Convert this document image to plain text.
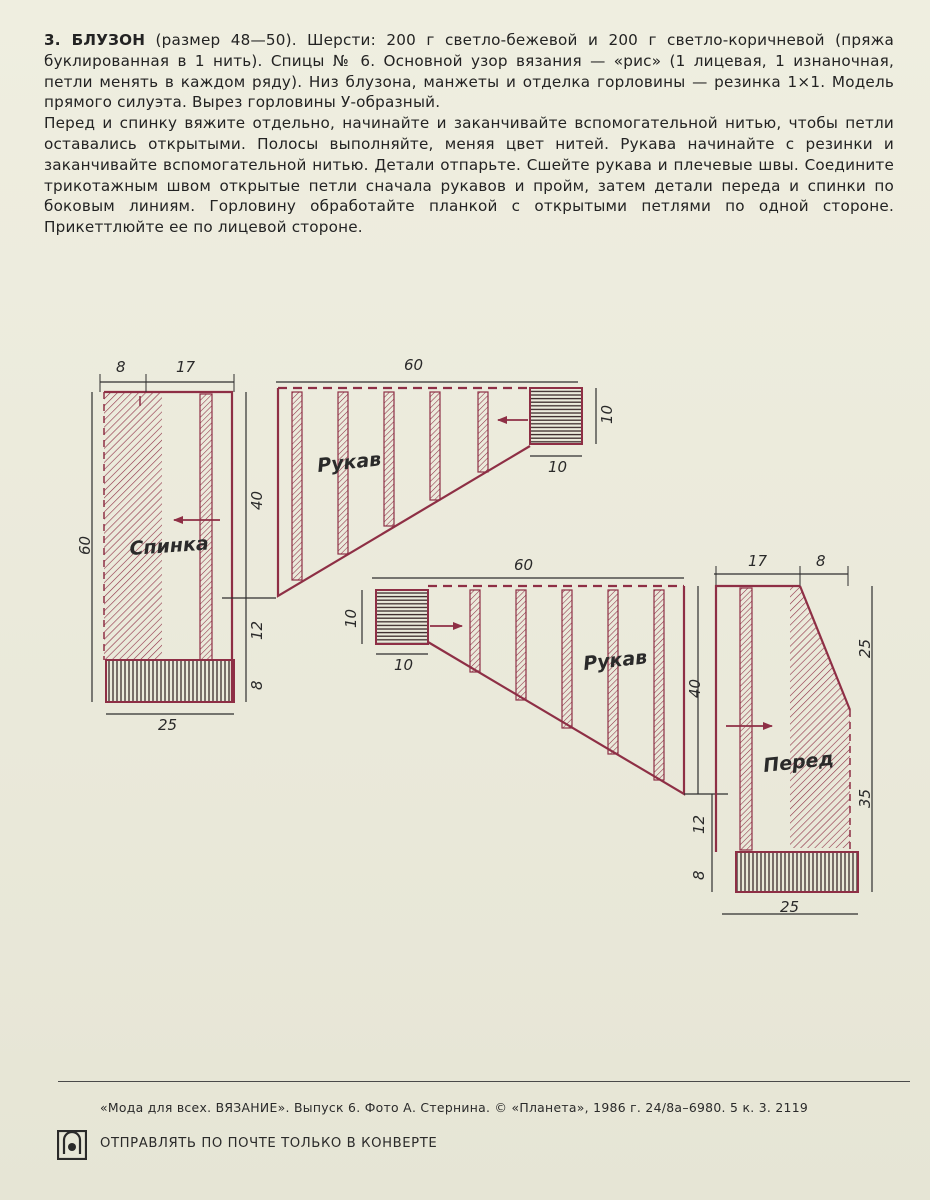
3. БЛУЗОН (размер 48—50). Шерсти: 200 г светло-бежевой и 200 г светло-коричневой (пряжа буклированная в 1 нить). Спицы № 6. Основной узор вязания — «рис» (1 лицевая, 1 изнаночная, петли менять в каждом ряду). Низ блузона, манжеты и отделка горловины — резинка 1×1. Модель прямого силуэта. Вырез горловины У-образный.

Перед и спинку вяжите отдельно, начинайте и заканчивайте вспомогательной нитью, чтобы петли оставались открытыми. Полосы выполняйте, меняя цвет нитей. Рукава начинайте с резинки и заканчивайте вспомогательной нитью. Детали отпарьте. Сшейте рукава и плечевые швы. Соедините трикотажным швом открытые петли сначала рукавов и пройм, затем детали переда и спинки по боковым линиям. Горловину обработайте планкой с открытыми петлями по одной стороне. Прикеттлюйте ее по лицевой стороне.

Спинка
8	17
60
40
12
8
25
60
Рукав
10
10
60
Рукав
10
10
40
17	8
Перед
25
35
12
8
25
«Мода для всех. ВЯЗАНИЕ». Выпуск 6. Фото А. Стернина. © «Планета», 1986 г. 24/8а–6980. 5 к. 3. 2119
ОТПРАВЛЯТЬ ПО ПОЧТЕ ТОЛЬКО В КОНВЕРТЕ
